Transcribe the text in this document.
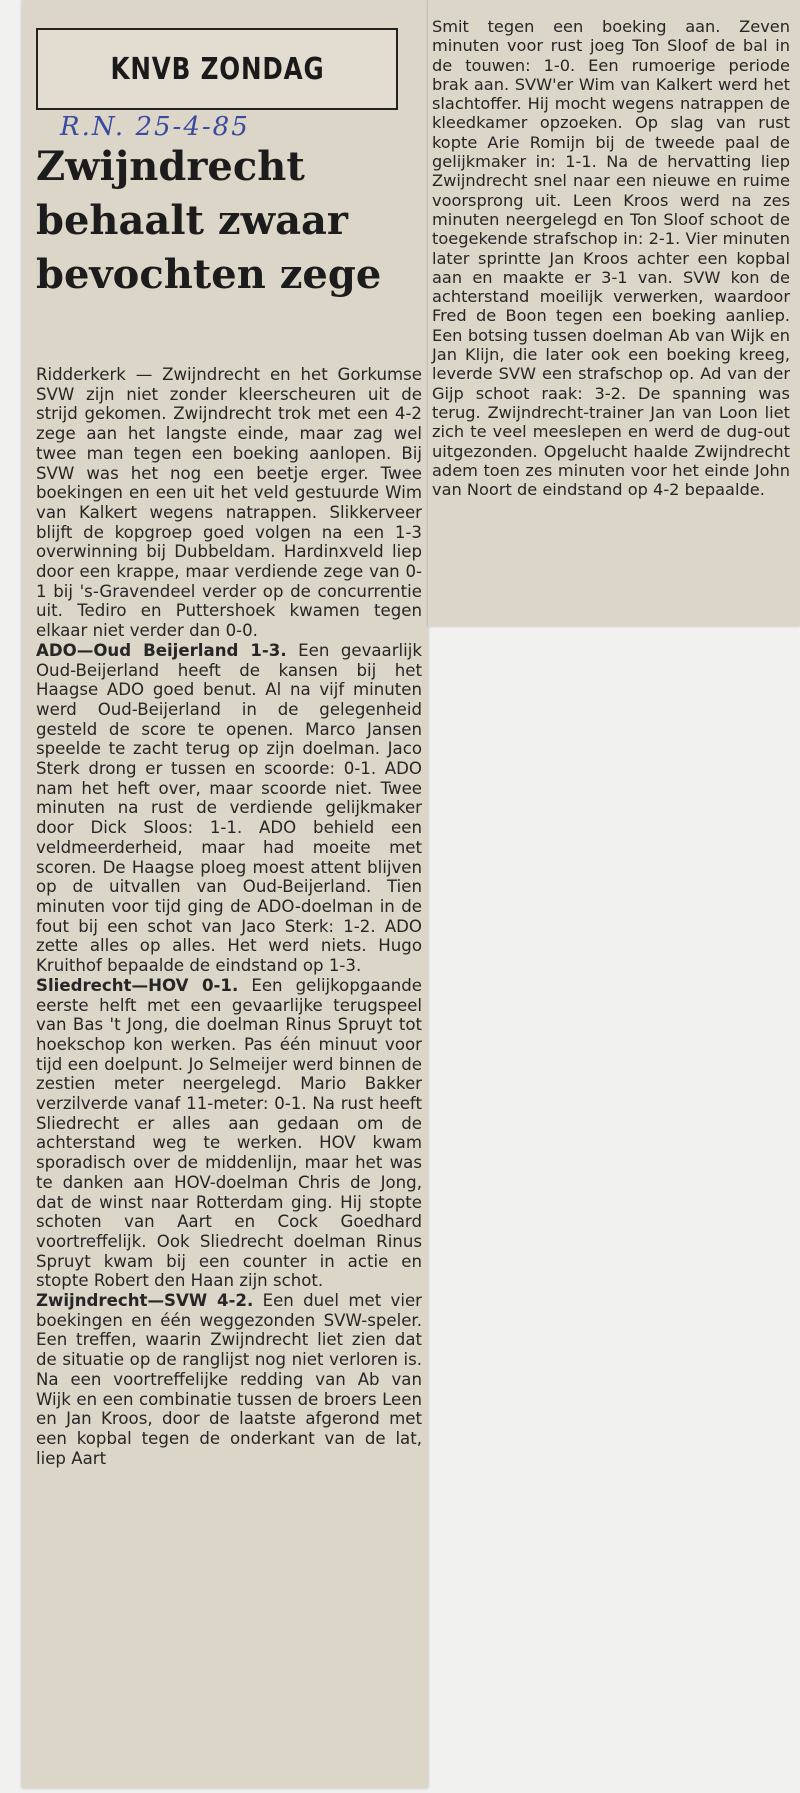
KNVB ZONDAG
R.N. 25-4-85
Zwijndrecht behaalt zwaar bevochten zege

Ridderkerk — Zwijndrecht en het Gorkumse SVW zijn niet zonder kleerscheuren uit de strijd gekomen. Zwijndrecht trok met een 4-2 zege aan het langste einde, maar zag wel twee man tegen een boeking aanlopen. Bij SVW was het nog een beetje erger. Twee boekingen en een uit het veld gestuurde Wim van Kalkert wegens natrappen. Slikkerveer blijft de kopgroep goed volgen na een 1-3 overwinning bij Dubbeldam. Hardinxveld liep door een krappe, maar verdiende zege van 0-1 bij 's-Gravendeel verder op de concurrentie uit. Tediro en Puttershoek kwamen tegen elkaar niet verder dan 0-0.

ADO—Oud Beijerland 1-3. Een gevaarlijk Oud-Beijerland heeft de kansen bij het Haagse ADO goed benut. Al na vijf minuten werd Oud-Beijerland in de gelegenheid gesteld de score te openen. Marco Jansen speelde te zacht terug op zijn doelman. Jaco Sterk drong er tussen en scoorde: 0-1. ADO nam het heft over, maar scoorde niet. Twee minuten na rust de verdiende gelijkmaker door Dick Sloos: 1-1. ADO behield een veldmeerderheid, maar had moeite met scoren. De Haagse ploeg moest attent blijven op de uitvallen van Oud-Beijerland. Tien minuten voor tijd ging de ADO-doelman in de fout bij een schot van Jaco Sterk: 1-2. ADO zette alles op alles. Het werd niets. Hugo Kruithof bepaalde de eindstand op 1-3.

Sliedrecht—HOV 0-1. Een gelijkopgaande eerste helft met een gevaarlijke terugspeel van Bas 't Jong, die doelman Rinus Spruyt tot hoekschop kon werken. Pas één minuut voor tijd een doelpunt. Jo Selmeijer werd binnen de zestien meter neergelegd. Mario Bakker verzilverde vanaf 11-meter: 0-1. Na rust heeft Sliedrecht er alles aan gedaan om de achterstand weg te werken. HOV kwam sporadisch over de middenlijn, maar het was te danken aan HOV-doelman Chris de Jong, dat de winst naar Rotterdam ging. Hij stopte schoten van Aart en Cock Goedhard voortreffelijk. Ook Sliedrecht doelman Rinus Spruyt kwam bij een counter in actie en stopte Robert den Haan zijn schot.

Zwijndrecht—SVW 4-2. Een duel met vier boekingen en één weggezonden SVW-speler. Een treffen, waarin Zwijndrecht liet zien dat de situatie op de ranglijst nog niet verloren is. Na een voortreffelijke redding van Ab van Wijk en een combinatie tussen de broers Leen en Jan Kroos, door de laatste afgerond met een kopbal tegen de onderkant van de lat, liep Aart

Smit tegen een boeking aan. Zeven minuten voor rust joeg Ton Sloof de bal in de touwen: 1-0. Een rumoerige periode brak aan. SVW'er Wim van Kalkert werd het slachtoffer. Hij mocht wegens natrappen de kleedkamer opzoeken. Op slag van rust kopte Arie Romijn bij de tweede paal de gelijkmaker in: 1-1. Na de hervatting liep Zwijndrecht snel naar een nieuwe en ruime voorsprong uit. Leen Kroos werd na zes minuten neergelegd en Ton Sloof schoot de toegekende strafschop in: 2-1. Vier minuten later sprintte Jan Kroos achter een kopbal aan en maakte er 3-1 van. SVW kon de achterstand moeilijk verwerken, waardoor Fred de Boon tegen een boeking aanliep. Een botsing tussen doelman Ab van Wijk en Jan Klijn, die later ook een boeking kreeg, leverde SVW een strafschop op. Ad van der Gijp schoot raak: 3-2. De spanning was terug. Zwijndrecht-trainer Jan van Loon liet zich te veel meeslepen en werd de dug-out uitgezonden. Opgelucht haalde Zwijndrecht adem toen zes minuten voor het einde John van Noort de eindstand op 4-2 bepaalde.
